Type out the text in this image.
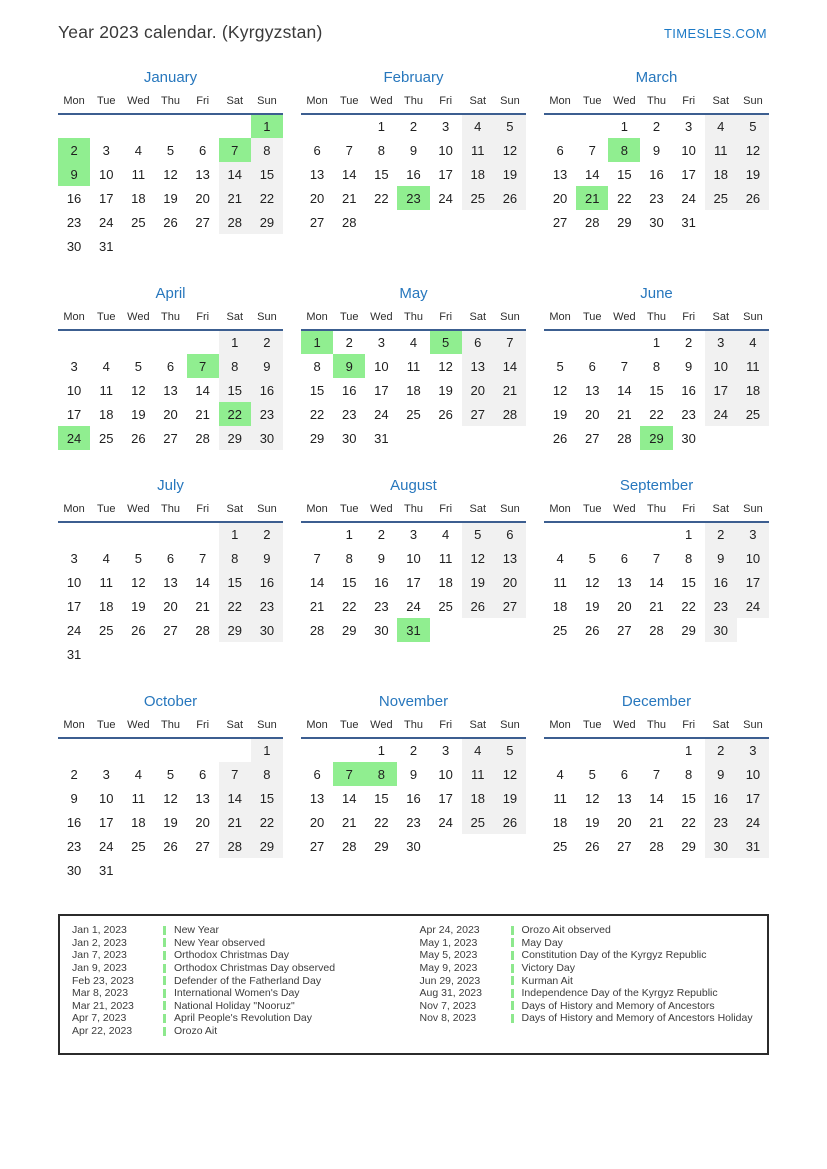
Year 2023 calendar. (Kyrgyzstan)	TIMESLES.COM
January
Mon	Tue	Wed	Thu	Fri	Sat	Sun
						1
2	3	4	5	6	7	8
9	10	11	12	13	14	15
16	17	18	19	20	21	22
23	24	25	26	27	28	29
30	31					
February
Mon	Tue	Wed	Thu	Fri	Sat	Sun
		1	2	3	4	5
6	7	8	9	10	11	12
13	14	15	16	17	18	19
20	21	22	23	24	25	26
27	28					
March
Mon	Tue	Wed	Thu	Fri	Sat	Sun
		1	2	3	4	5
6	7	8	9	10	11	12
13	14	15	16	17	18	19
20	21	22	23	24	25	26
27	28	29	30	31		
April
Mon	Tue	Wed	Thu	Fri	Sat	Sun
					1	2
3	4	5	6	7	8	9
10	11	12	13	14	15	16
17	18	19	20	21	22	23
24	25	26	27	28	29	30
May
Mon	Tue	Wed	Thu	Fri	Sat	Sun
1	2	3	4	5	6	7
8	9	10	11	12	13	14
15	16	17	18	19	20	21
22	23	24	25	26	27	28
29	30	31				
June
Mon	Tue	Wed	Thu	Fri	Sat	Sun
			1	2	3	4
5	6	7	8	9	10	11
12	13	14	15	16	17	18
19	20	21	22	23	24	25
26	27	28	29	30		
July
Mon	Tue	Wed	Thu	Fri	Sat	Sun
					1	2
3	4	5	6	7	8	9
10	11	12	13	14	15	16
17	18	19	20	21	22	23
24	25	26	27	28	29	30
31						
August
Mon	Tue	Wed	Thu	Fri	Sat	Sun
	1	2	3	4	5	6
7	8	9	10	11	12	13
14	15	16	17	18	19	20
21	22	23	24	25	26	27
28	29	30	31			
September
Mon	Tue	Wed	Thu	Fri	Sat	Sun
				1	2	3
4	5	6	7	8	9	10
11	12	13	14	15	16	17
18	19	20	21	22	23	24
25	26	27	28	29	30	
October
Mon	Tue	Wed	Thu	Fri	Sat	Sun
						1
2	3	4	5	6	7	8
9	10	11	12	13	14	15
16	17	18	19	20	21	22
23	24	25	26	27	28	29
30	31					
November
Mon	Tue	Wed	Thu	Fri	Sat	Sun
		1	2	3	4	5
6	7	8	9	10	11	12
13	14	15	16	17	18	19
20	21	22	23	24	25	26
27	28	29	30			
December
Mon	Tue	Wed	Thu	Fri	Sat	Sun
				1	2	3
4	5	6	7	8	9	10
11	12	13	14	15	16	17
18	19	20	21	22	23	24
25	26	27	28	29	30	31
Jan 1, 2023	New Year
Jan 2, 2023	New Year observed
Jan 7, 2023	Orthodox Christmas Day
Jan 9, 2023	Orthodox Christmas Day observed
Feb 23, 2023	Defender of the Fatherland Day
Mar 8, 2023	International Women's Day
Mar 21, 2023	National Holiday "Nooruz"
Apr 7, 2023	April People's Revolution Day
Apr 22, 2023	Orozo Ait
Apr 24, 2023	Orozo Ait observed
May 1, 2023	May Day
May 5, 2023	Constitution Day of the Kyrgyz Republic
May 9, 2023	Victory Day
Jun 29, 2023	Kurman Ait
Aug 31, 2023	Independence Day of the Kyrgyz Republic
Nov 7, 2023	Days of History and Memory of Ancestors
Nov 8, 2023	Days of History and Memory of Ancestors Holiday
